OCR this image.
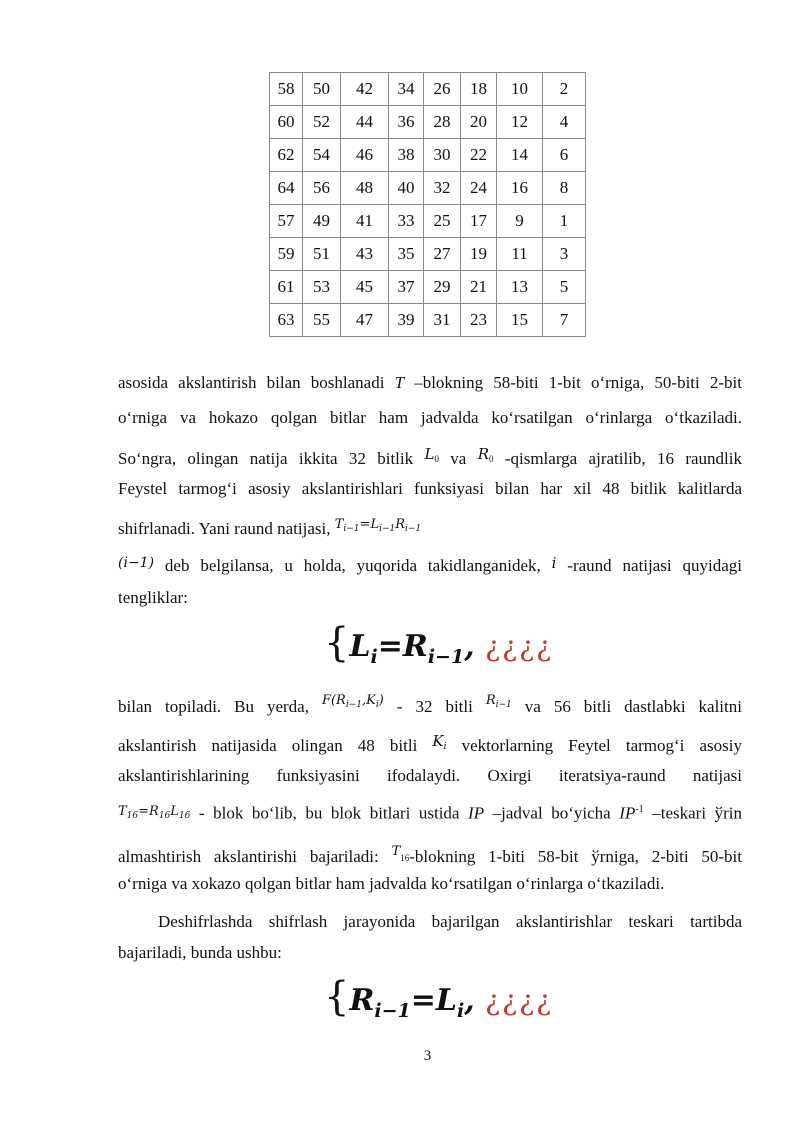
58	50	42	34	26	18	10	2
60	52	44	36	28	20	12	4
62	54	46	38	30	22	14	6
64	56	48	40	32	24	16	8
57	49	41	33	25	17	9	1
59	51	43	35	27	19	11	3
61	53	45	37	29	21	13	5
63	55	47	39	31	23	15	7
asosida akslantirish bilan boshlanadi T –blokning 58-biti 1-bit o‘rniga, 50-biti 2-bit
o‘rniga va hokazo qolgan bitlar ham jadvalda ko‘rsatilgan o‘rinlarga o‘tkaziladi.
So‘ngra, olingan natija ikkita 32 bitlik $L^0$ va $R^0$ -qismlarga ajratilib, 16 raundlik
Feystel tarmog‘i asosiy akslantirishlari funksiyasi bilan har xil 48 bitlik kalitlarda
shifrlanadi. Yani raund natijasi, $^{T_{i-1}=L_{i-1}R_{i-1}}$
$^{(i-1)}$ deb belgilansa, u holda, yuqorida takidlanganidek, i -raund natijasi quyidagi
tengliklar:
{$L_i=R_{i-1}$, ¿¿¿¿
bilan topiladi. Bu yerda, $^{F(R_{i-1},K_i)}$ - 32 bitli $^{R_{i-1}}$ va 56 bitli dastlabki kalitni
akslantirish natijasida olingan 48 bitli $K_i$ vektorlarning Feytel tarmog‘i asosiy
akslantirishlarining funksiyasini ifodalaydi. Oxirgi iteratsiya-raund natijasi
$^{T_{16}=R_{16}L_{16}}$ - blok bo‘lib, bu blok bitlari ustida IP –jadval bo‘yicha $IP^{-1}$ –teskari ўrin
almashtirish akslantirishi bajariladi: $^T$16-blokning 1-biti 58-bit ўrniga, 2-biti 50-bit
o‘rniga va xokazo qolgan bitlar ham jadvalda ko‘rsatilgan o‘rinlarga o‘tkaziladi.
Deshifrlashda shifrlash jarayonida bajarilgan akslantirishlar teskari tartibda
bajariladi, bunda ushbu:
{$R_{i-1}=L_i$, ¿¿¿¿
3
